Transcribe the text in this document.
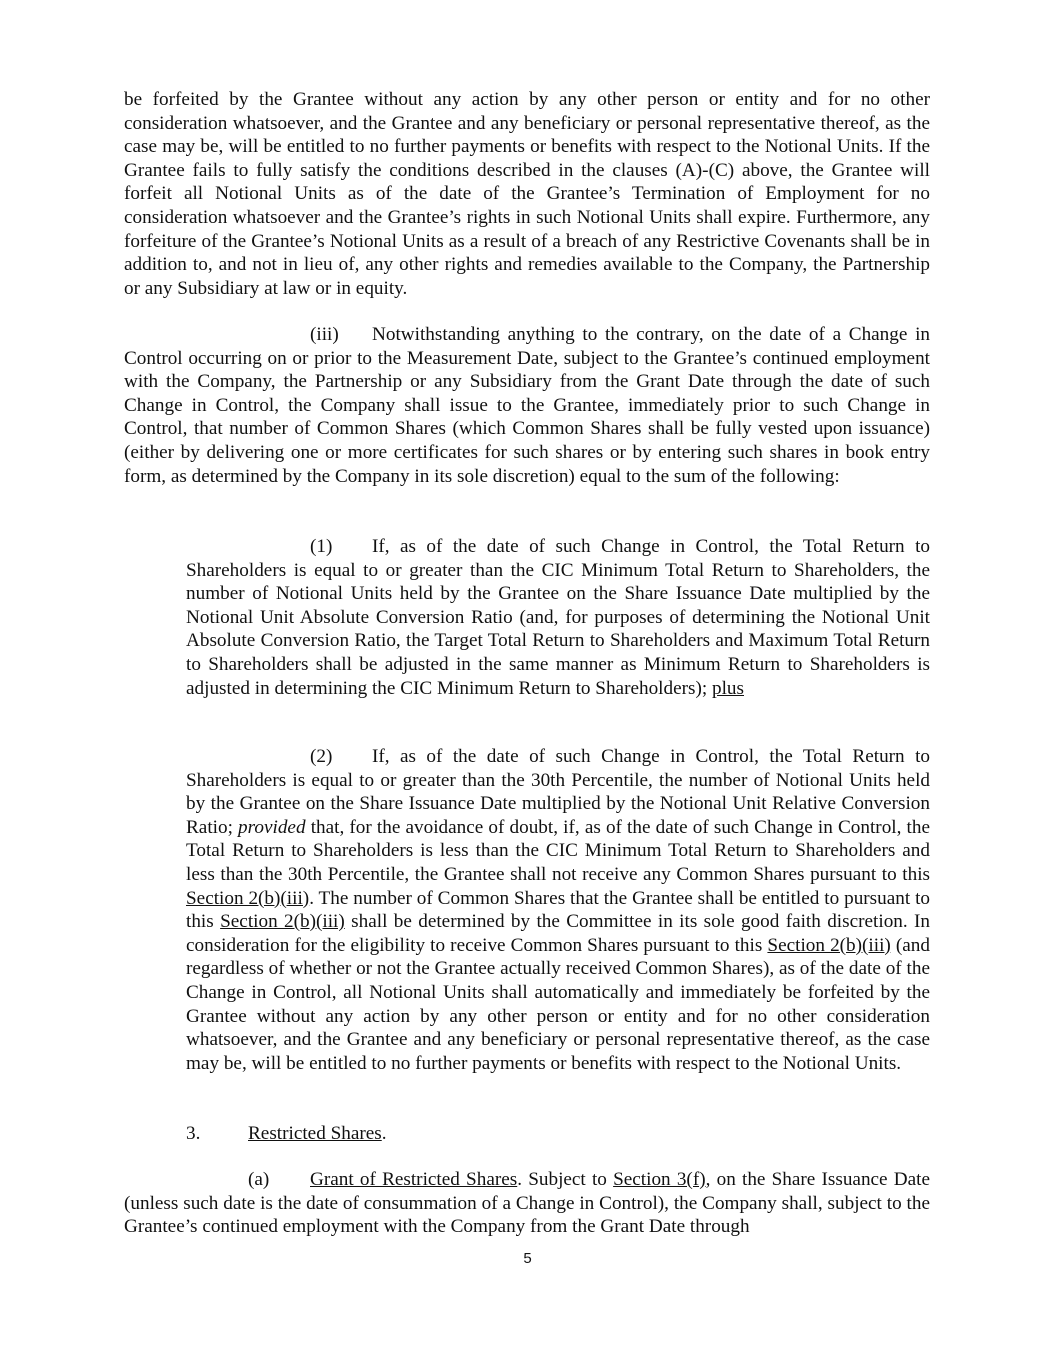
be forfeited by the Grantee without any action by any other person or entity and for no other consideration whatsoever, and the Grantee and any beneficiary or personal representative thereof, as the case may be, will be entitled to no further payments or benefits with respect to the Notional Units. If the Grantee fails to fully satisfy the conditions described in the clauses (A)-(C) above, the Grantee will forfeit all Notional Units as of the date of the Grantee’s Termination of Employment for no consideration whatsoever and the Grantee’s rights in such Notional Units shall expire. Furthermore, any forfeiture of the Grantee’s Notional Units as a result of a breach of any Restrictive Covenants shall be in addition to, and not in lieu of, any other rights and remedies available to the Company, the Partnership or any Subsidiary at law or in equity.

(iii) Notwithstanding anything to the contrary, on the date of a Change in Control occurring on or prior to the Measurement Date, subject to the Grantee’s continued employment with the Company, the Partnership or any Subsidiary from the Grant Date through the date of such Change in Control, the Company shall issue to the Grantee, immediately prior to such Change in Control, that number of Common Shares (which Common Shares shall be fully vested upon issuance) (either by delivering one or more certificates for such shares or by entering such shares in book entry form, as determined by the Company in its sole discretion) equal to the sum of the following:

(1) If, as of the date of such Change in Control, the Total Return to Shareholders is equal to or greater than the CIC Minimum Total Return to Shareholders, the number of Notional Units held by the Grantee on the Share Issuance Date multiplied by the Notional Unit Absolute Conversion Ratio (and, for purposes of determining the Notional Unit Absolute Conversion Ratio, the Target Total Return to Shareholders and Maximum Total Return to Shareholders shall be adjusted in the same manner as Minimum Return to Shareholders is adjusted in determining the CIC Minimum Return to Shareholders); plus

(2) If, as of the date of such Change in Control, the Total Return to Shareholders is equal to or greater than the 30th Percentile, the number of Notional Units held by the Grantee on the Share Issuance Date multiplied by the Notional Unit Relative Conversion Ratio; provided that, for the avoidance of doubt, if, as of the date of such Change in Control, the Total Return to Shareholders is less than the CIC Minimum Total Return to Shareholders and less than the 30th Percentile, the Grantee shall not receive any Common Shares pursuant to this Section 2(b)(iii). The number of Common Shares that the Grantee shall be entitled to pursuant to this Section 2(b)(iii) shall be determined by the Committee in its sole good faith discretion. In consideration for the eligibility to receive Common Shares pursuant to this Section 2(b)(iii) (and regardless of whether or not the Grantee actually received Common Shares), as of the date of the Change in Control, all Notional Units shall automatically and immediately be forfeited by the Grantee without any action by any other person or entity and for no other consideration whatsoever, and the Grantee and any beneficiary or personal representative thereof, as the case may be, will be entitled to no further payments or benefits with respect to the Notional Units.

3. Restricted Shares.

(a) Grant of Restricted Shares. Subject to Section 3(f), on the Share Issuance Date (unless such date is the date of consummation of a Change in Control), the Company shall, subject to the Grantee’s continued employment with the Company from the Grant Date through

5
